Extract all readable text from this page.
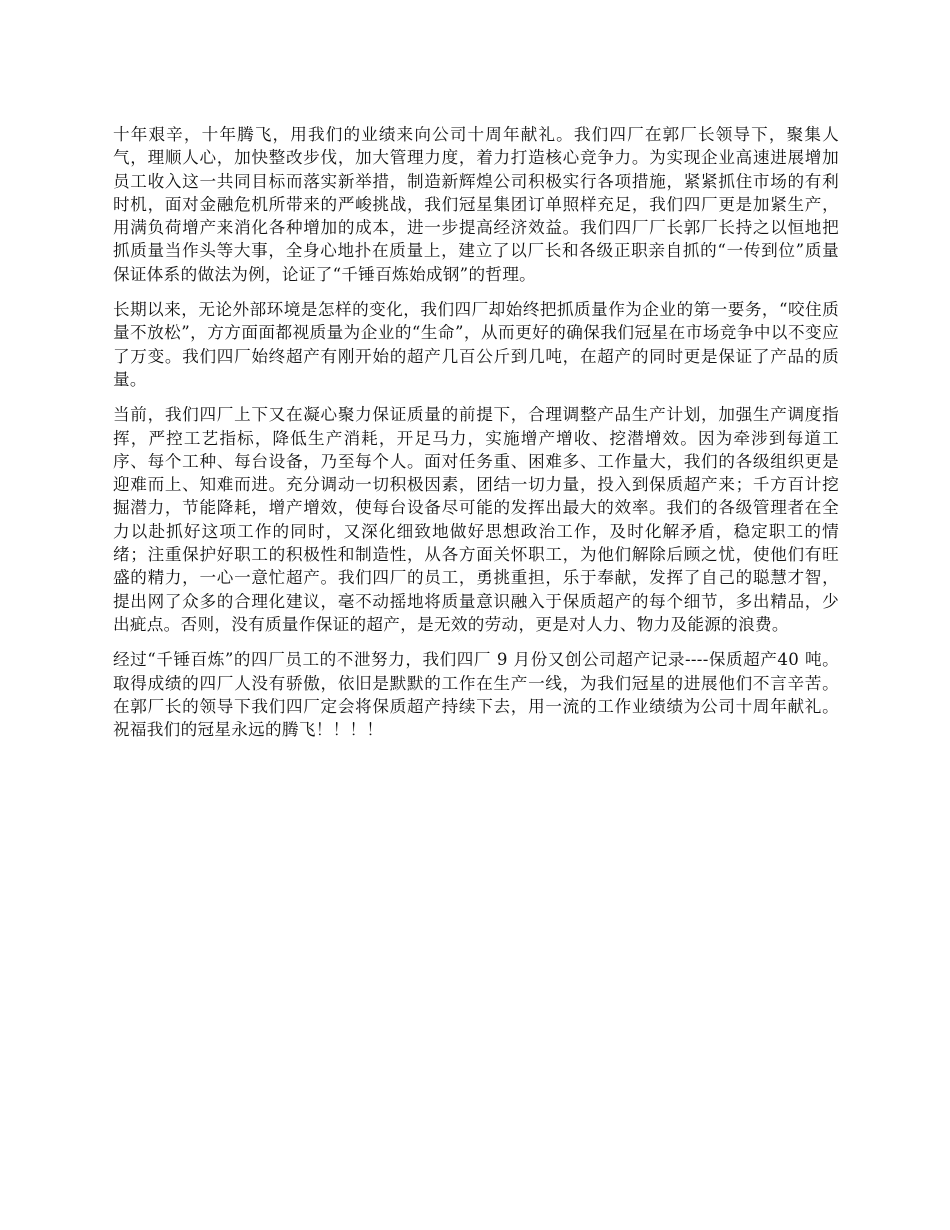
十年艰辛，十年腾飞，用我们的业绩来向公司十周年献礼。我们四厂在郭厂长领导下，聚集人气，理顺人心，加快整改步伐，加大管理力度，着力打造核心竞争力。为实现企业高速进展增加员工收入这一共同目标而落实新举措，制造新辉煌公司积极实行各项措施，紧紧抓住市场的有利时机，面对金融危机所带来的严峻挑战，我们冠星集团订单照样充足，我们四厂更是加紧生产，用满负荷增产来消化各种增加的成本，进一步提高经济效益。我们四厂厂长郭厂长持之以恒地把抓质量当作头等大事，全身心地扑在质量上，建立了以厂长和各级正职亲自抓的“一传到位”质量保证体系的做法为例，论证了“千锤百炼始成钢”的哲理。

长期以来，无论外部环境是怎样的变化，我们四厂却始终把抓质量作为企业的第一要务，“咬住质量不放松”，方方面面都视质量为企业的“生命”，从而更好的确保我们冠星在市场竞争中以不变应了万变。我们四厂始终超产有刚开始的超产几百公斤到几吨，在超产的同时更是保证了产品的质量。

当前，我们四厂上下又在凝心聚力保证质量的前提下，合理调整产品生产计划，加强生产调度指挥，严控工艺指标，降低生产消耗，开足马力，实施增产增收、挖潜增效。因为牵涉到每道工序、每个工种、每台设备，乃至每个人。面对任务重、困难多、工作量大，我们的各级组织更是迎难而上、知难而进。充分调动一切积极因素，团结一切力量，投入到保质超产来；千方百计挖掘潜力，节能降耗，增产增效，使每台设备尽可能的发挥出最大的效率。我们的各级管理者在全力以赴抓好这项工作的同时，又深化细致地做好思想政治工作，及时化解矛盾，稳定职工的情绪；注重保护好职工的积极性和制造性，从各方面关怀职工，为他们解除后顾之忧，使他们有旺盛的精力，一心一意忙超产。我们四厂的员工，勇挑重担，乐于奉献，发挥了自己的聪慧才智，提出网了众多的合理化建议，毫不动摇地将质量意识融入于保质超产的每个细节，多出精品，少出疵点。否则，没有质量作保证的超产，是无效的劳动，更是对人力、物力及能源的浪费。

经过“千锤百炼”的四厂员工的不泄努力，我们四厂 9 月份又创公司超产记录----保质超产40 吨。取得成绩的四厂人没有骄傲，依旧是默默的工作在生产一线，为我们冠星的进展他们不言辛苦。在郭厂长的领导下我们四厂定会将保质超产持续下去，用一流的工作业绩绩为公司十周年献礼。祝福我们的冠星永远的腾飞！！！！
